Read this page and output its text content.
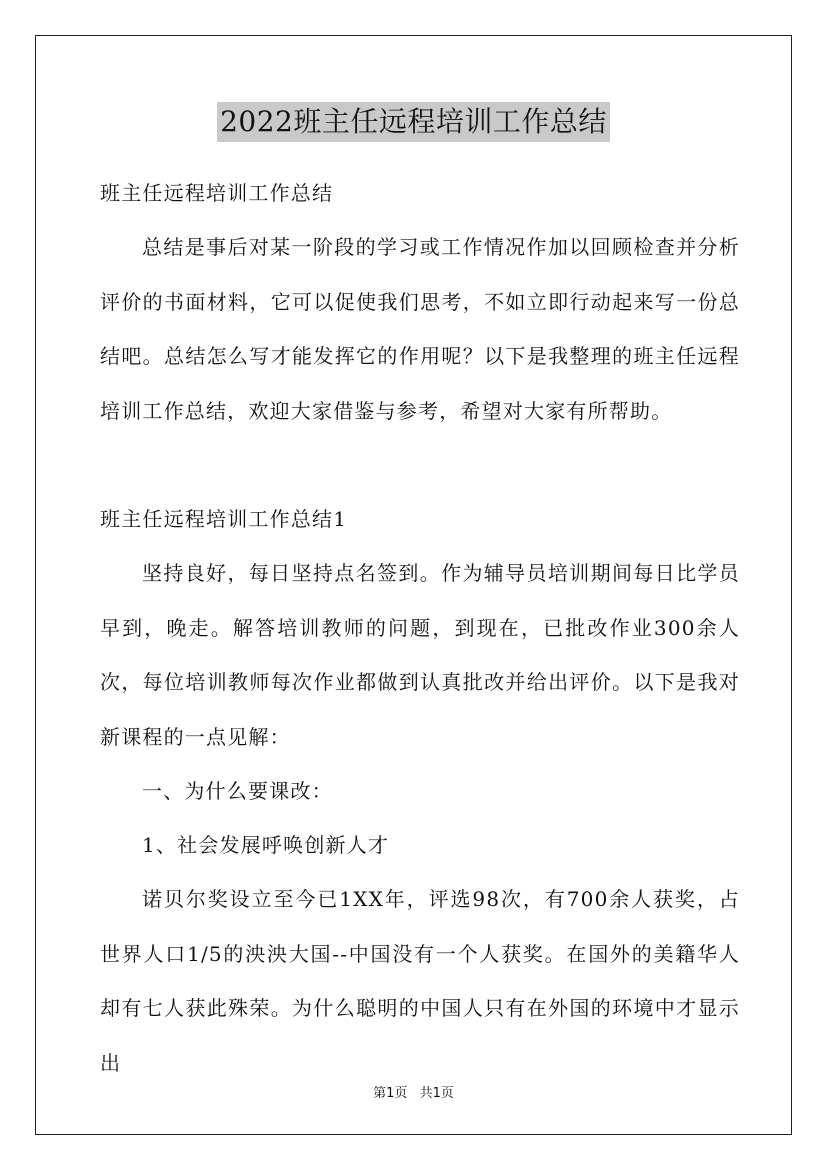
2022班主任远程培训工作总结

班主任远程培训工作总结

总结是事后对某一阶段的学习或工作情况作加以回顾检查并分析评价的书面材料，它可以促使我们思考，不如立即行动起来写一份总结吧。总结怎么写才能发挥它的作用呢？以下是我整理的班主任远程培训工作总结，欢迎大家借鉴与参考，希望对大家有所帮助。

班主任远程培训工作总结1

坚持良好，每日坚持点名签到。作为辅导员培训期间每日比学员早到，晚走。解答培训教师的问题，到现在，已批改作业300余人次，每位培训教师每次作业都做到认真批改并给出评价。以下是我对新课程的一点见解：

一、为什么要课改：

1、社会发展呼唤创新人才

诺贝尔奖设立至今已1XX年，评选98次，有700余人获奖，占世界人口1/5的泱泱大国--中国没有一个人获奖。在国外的美籍华人却有七人获此殊荣。为什么聪明的中国人只有在外国的环境中才显示出

第1页 共1页
